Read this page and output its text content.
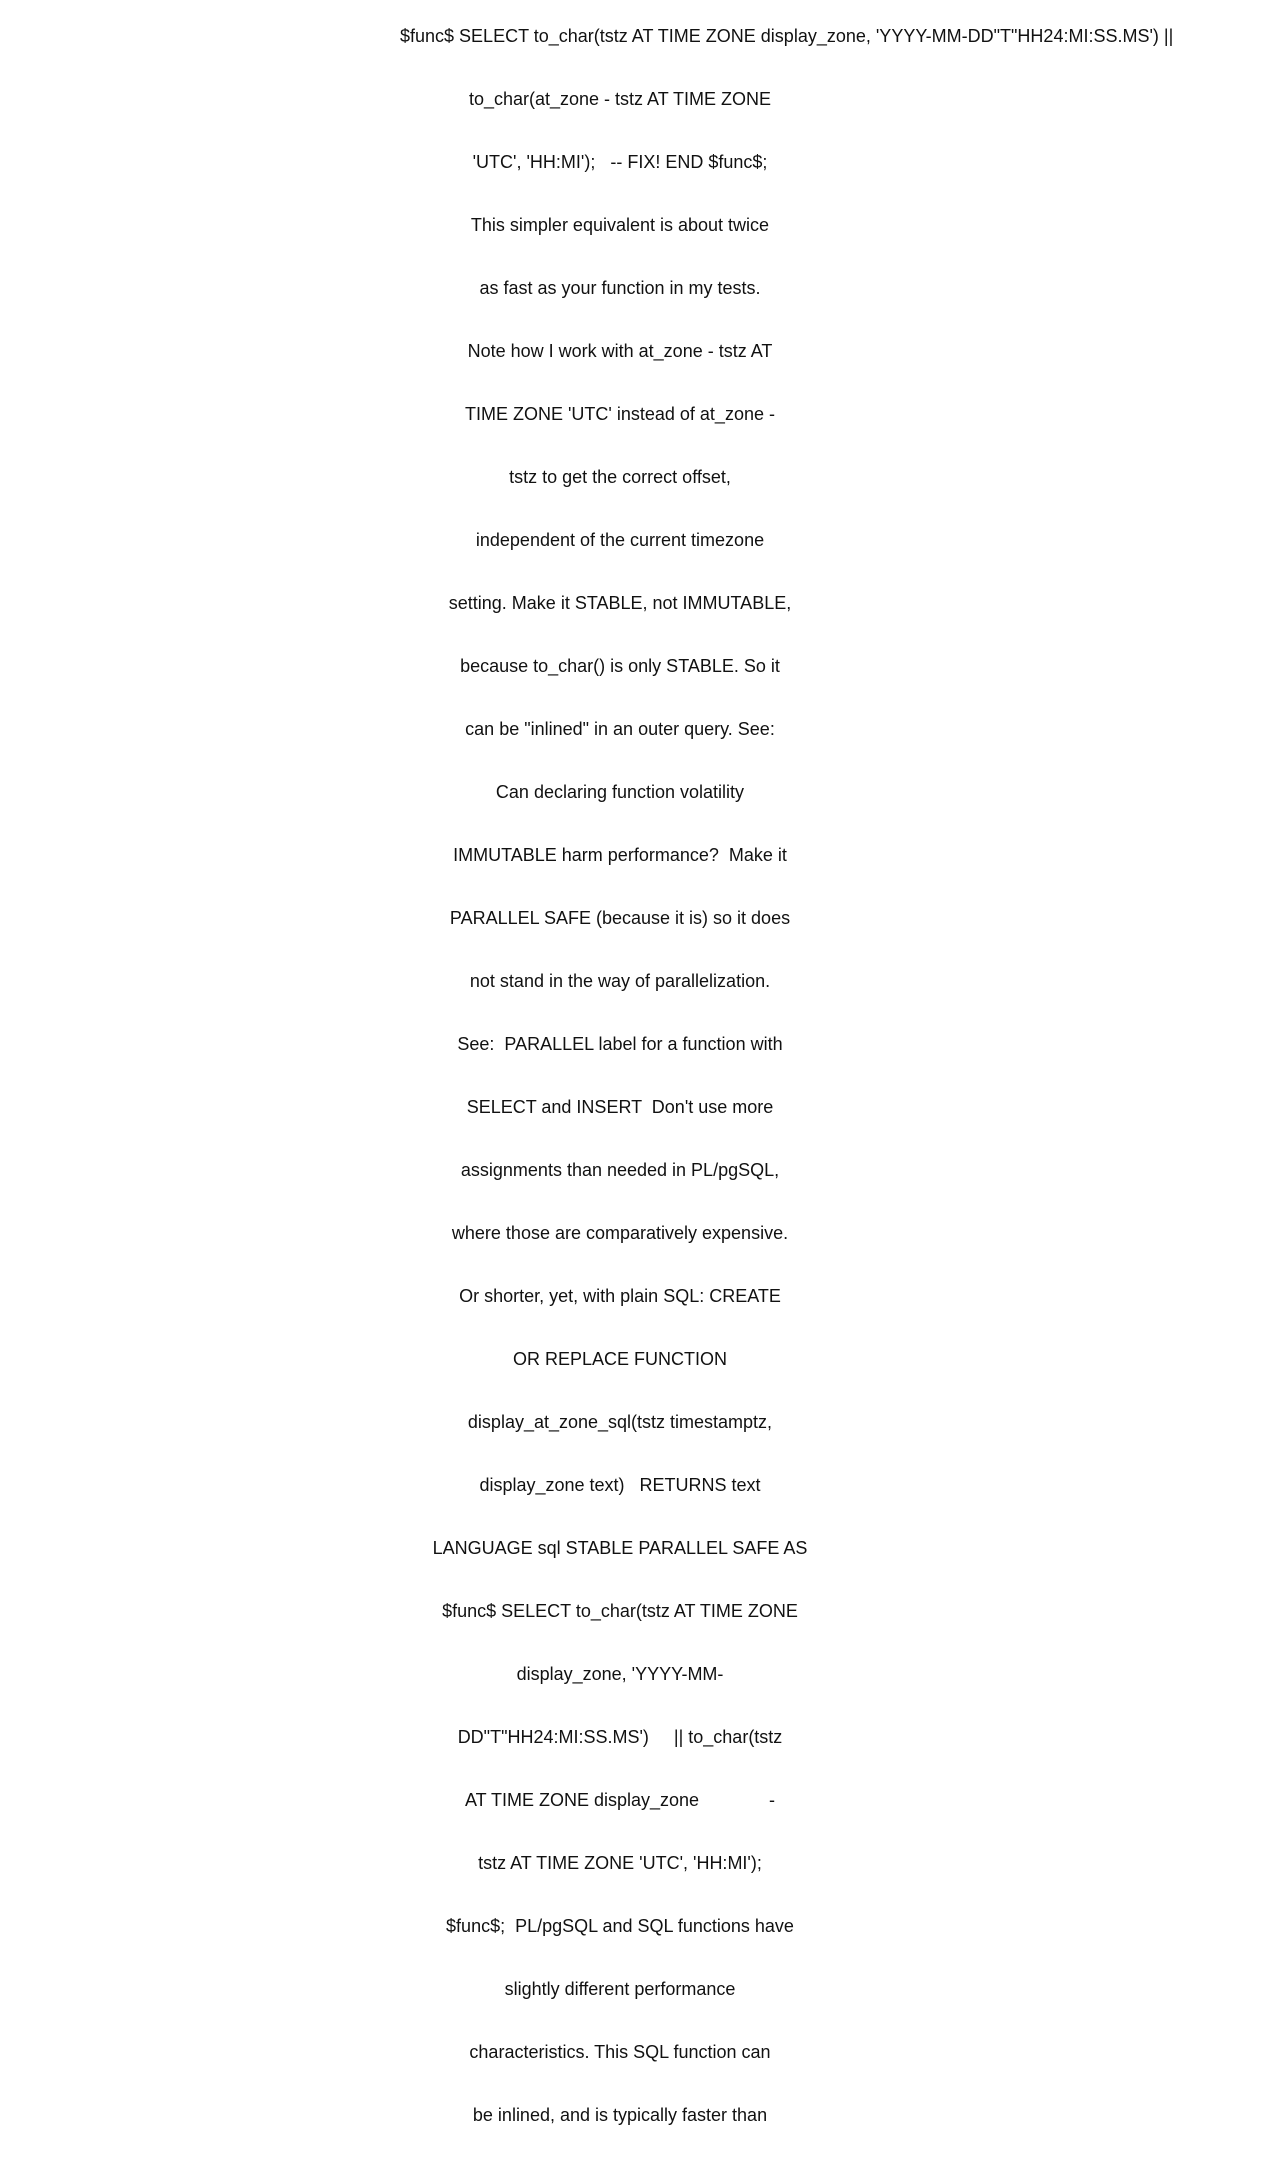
$func$ SELECT to_char(tstz AT TIME ZONE display_zone, 'YYYY-MM-DD"T"HH24:MI:SS.MS') ||

to_char(at_zone - tstz AT TIME ZONE

'UTC', 'HH:MI');   -- FIX! END $func$;

This simpler equivalent is about twice

as fast as your function in my tests.

Note how I work with at_zone - tstz AT

TIME ZONE 'UTC' instead of at_zone -

tstz to get the correct offset,

independent of the current timezone

setting. Make it STABLE, not IMMUTABLE,

because to_char() is only STABLE. So it

can be "inlined" in an outer query. See:

Can declaring function volatility

IMMUTABLE harm performance?  Make it

PARALLEL SAFE (because it is) so it does

not stand in the way of parallelization.

See:  PARALLEL label for a function with

SELECT and INSERT  Don't use more

assignments than needed in PL/pgSQL,

where those are comparatively expensive.

Or shorter, yet, with plain SQL: CREATE

OR REPLACE FUNCTION

display_at_zone_sql(tstz timestamptz,

display_zone text)   RETURNS text

LANGUAGE sql STABLE PARALLEL SAFE AS

$func$ SELECT to_char(tstz AT TIME ZONE

display_zone, 'YYYY-MM-

DD"T"HH24:MI:SS.MS')     || to_char(tstz

AT TIME ZONE display_zone              -

tstz AT TIME ZONE 'UTC', 'HH:MI');

$func$;  PL/pgSQL and SQL functions have

slightly different performance

characteristics. This SQL function can

be inlined, and is typically faster than
